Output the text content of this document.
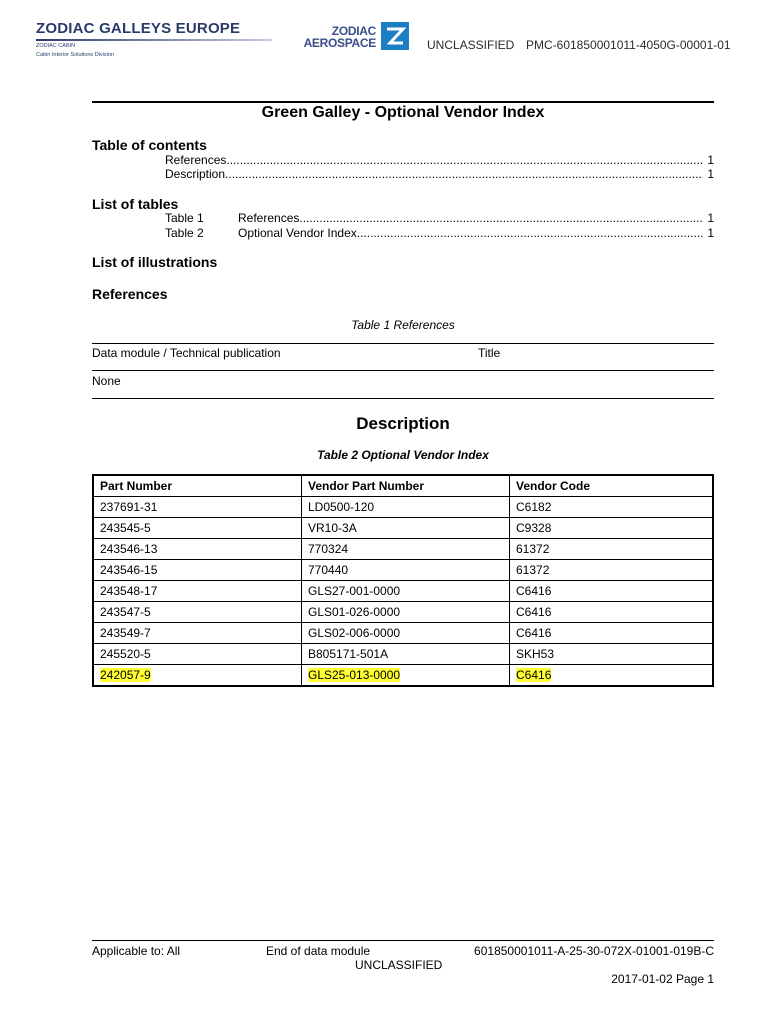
ZODIAC GALLEYS EUROPE
ZODIAC CABIN
Cabin Interior Solutions Division
ZODIAC
AEROSPACE	UNCLASSIFIED PMC-601850001011-4050G-00001-01
Green Galley - Optional Vendor Index
Table of contents
References .....	1
Description .....	1
List of tables
Table 1	References .....	1
Table 2	Optional Vendor Index .....	1
List of illustrations
References
Table 1 References
Data module / Technical publication	Title
None
Description
Table 2 Optional Vendor Index
Part Number	Vendor Part Number	Vendor Code
237691-31	LD0500-120	C6182
243545-5	VR10-3A	C9328
243546-13	770324	61372
243546-15	770440	61372
243548-17	GLS27-001-0000	C6416
243547-5	GLS01-026-0000	C6416
243549-7	GLS02-006-0000	C6416
245520-5	B805171-501A	SKH53
242057-9	GLS25-013-0000	C6416
Applicable to: All	End of data module	601850001011-A-25-30-072X-01001-019B-C
UNCLASSIFIED
2017-01-02 Page 1
